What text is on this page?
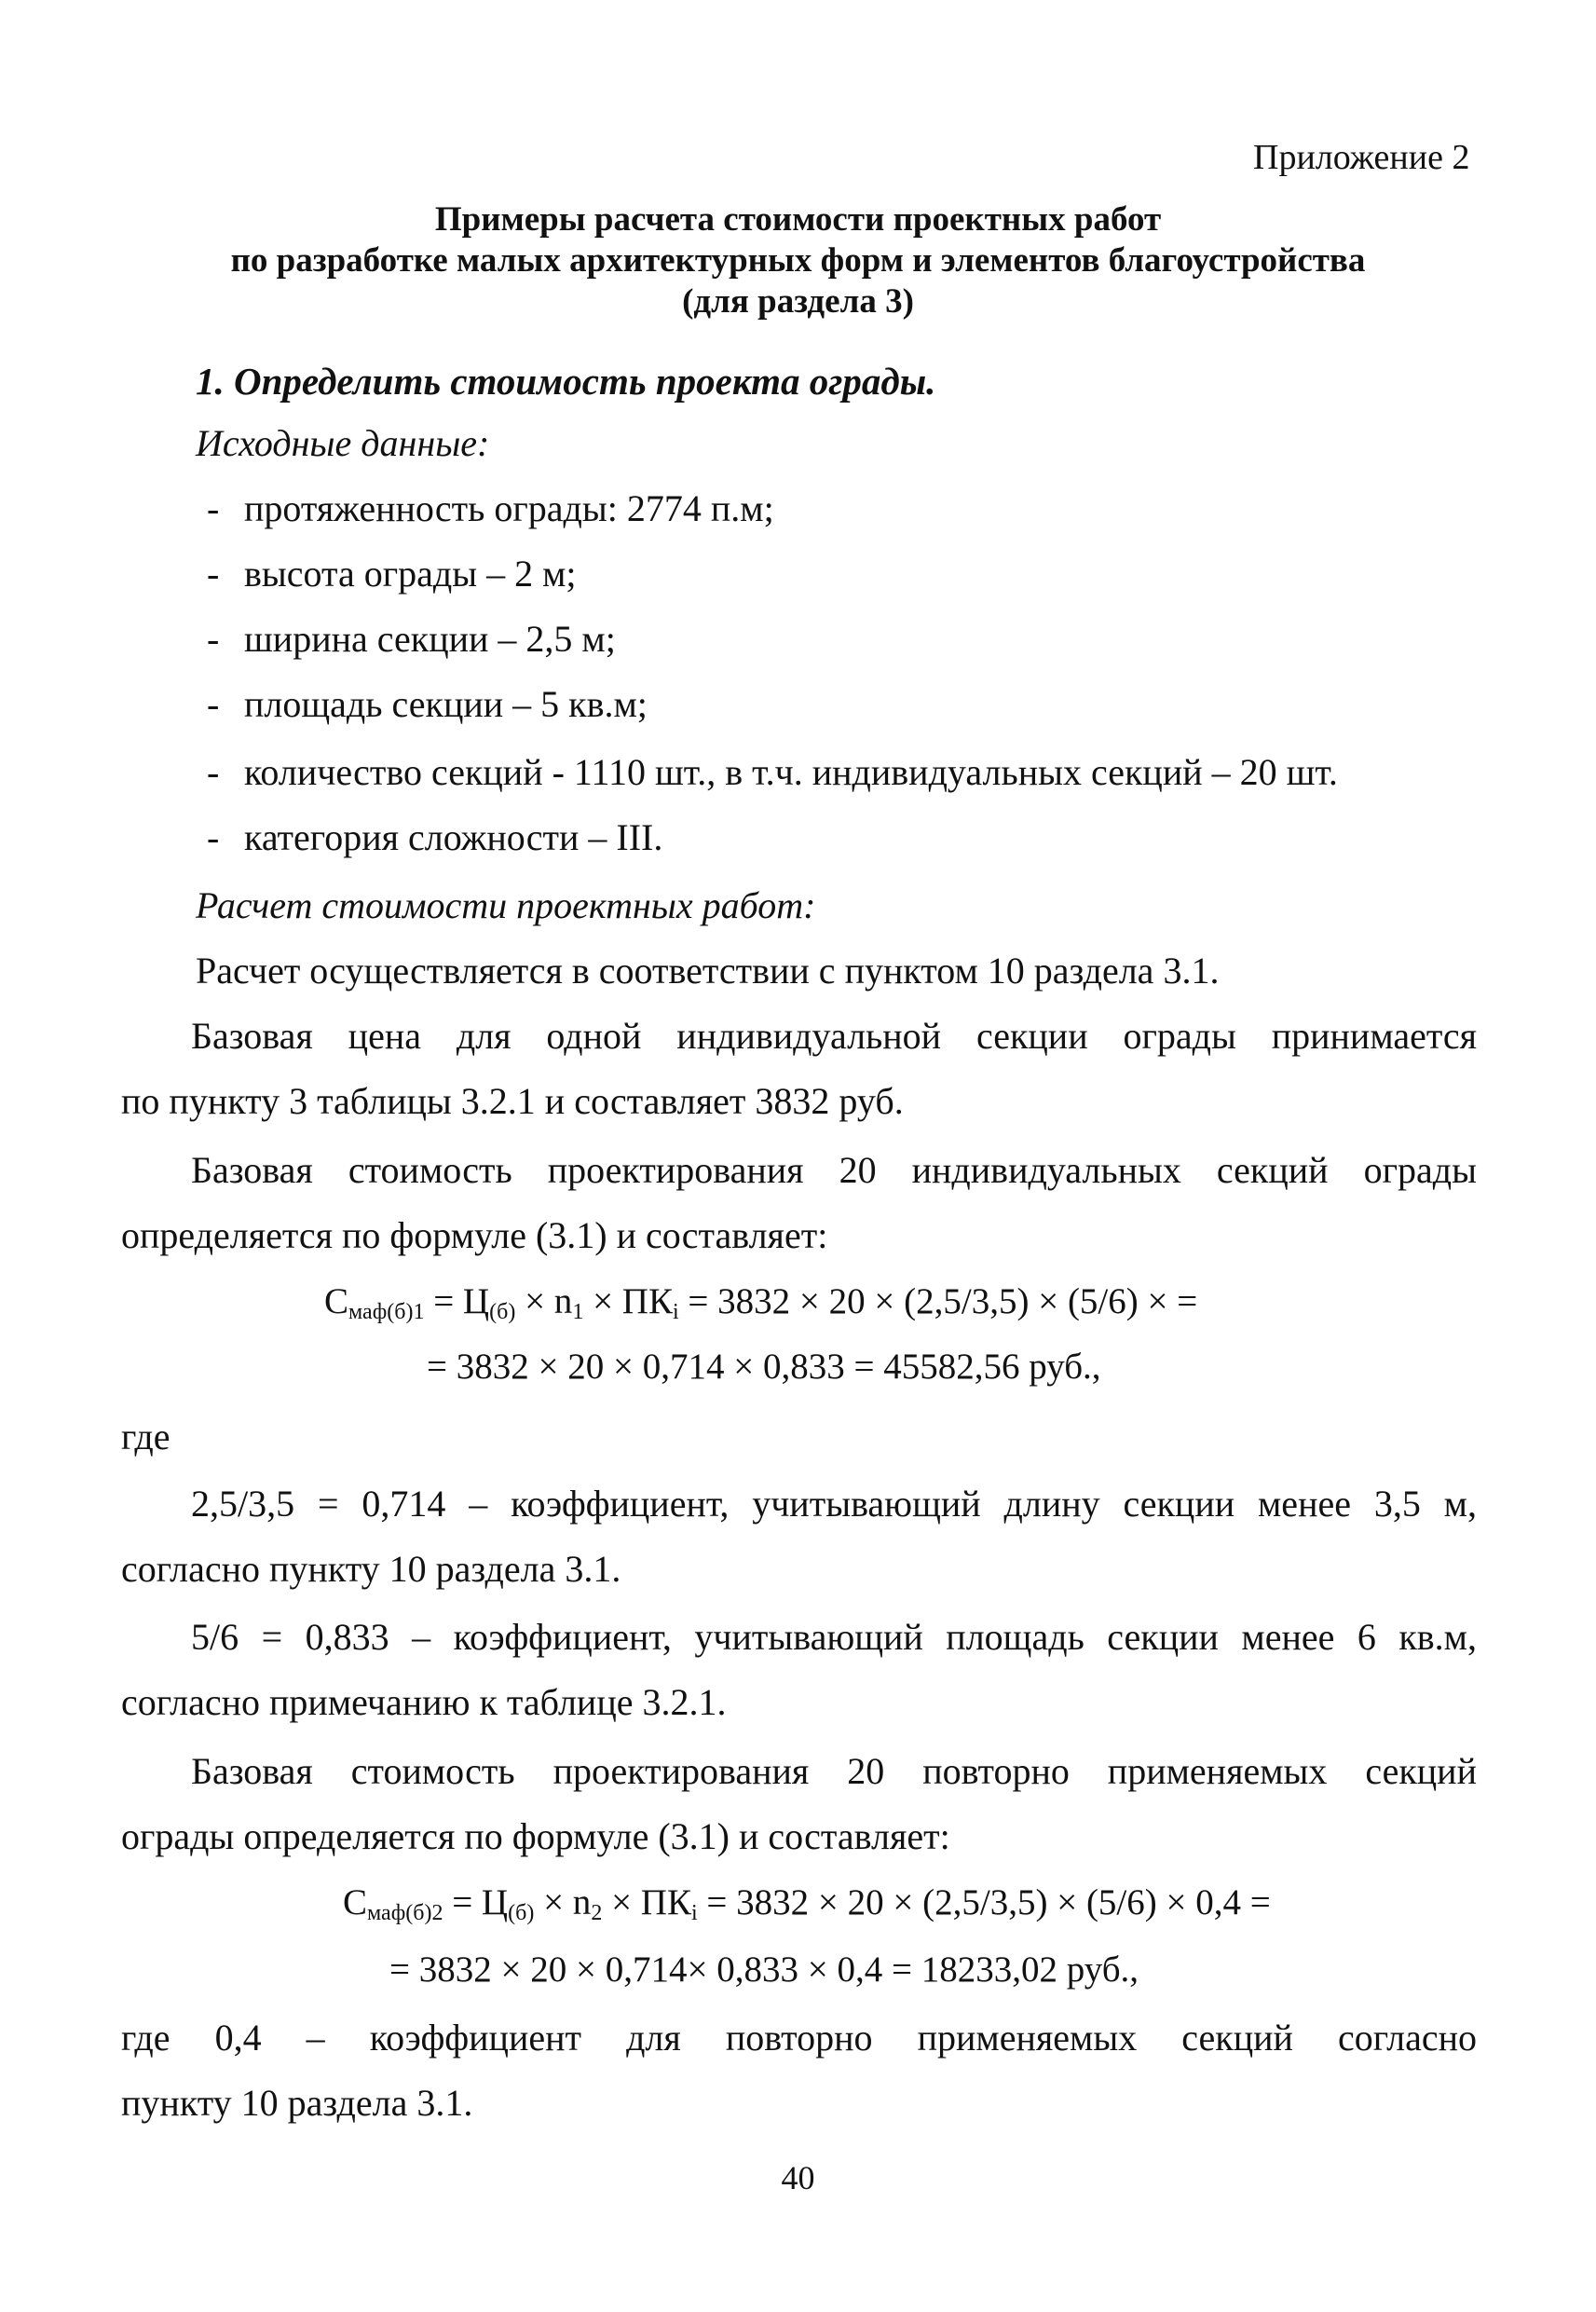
Приложение 2
Примеры расчета стоимости проектных работ
по разработке малых архитектурных форм и элементов благоустройства
(для раздела 3)
1. Определить стоимость проекта ограды.
Исходные данные:
- протяженность ограды: 2774 п.м;
- высота ограды – 2 м;
- ширина секции – 2,5 м;
- площадь секции – 5 кв.м;
- количество секций - 1110 шт., в т.ч. индивидуальных секций – 20 шт.
- категория сложности – III.
Расчет стоимости проектных работ:
Расчет осуществляется в соответствии с пунктом 10 раздела 3.1.
Базовая цена для одной индивидуальной секции ограды принимается
по пункту 3 таблицы 3.2.1 и составляет 3832 руб.
Базовая стоимость проектирования 20 индивидуальных секций ограды
определяется по формуле (3.1) и составляет:
$С_{маф(б)1} = Ц_{(б)} \times n_1 \times ПК_i = 3832 \times 20 \times (2,5/3,5) \times (5/6)$ × =
= 3832 × 20 × 0,714 × 0,833 = 45582,56 руб.,
где
2,5/3,5 = 0,714 – коэффициент, учитывающий длину секции менее 3,5 м,
согласно пункту 10 раздела 3.1.
5/6 = 0,833 – коэффициент, учитывающий площадь секции менее 6 кв.м,
согласно примечанию к таблице 3.2.1.
Базовая стоимость проектирования 20 повторно применяемых секций
ограды определяется по формуле (3.1) и составляет:
$С_{маф(б)2} = Ц_{(б)} \times n_2 \times ПК_i = 3832 \times 20 \times (2,5/3,5) \times (5/6) \times 0,4$ =
= 3832 × 20 × 0,714× 0,833 × 0,4 = 18233,02 руб.,
где 0,4 – коэффициент для повторно применяемых секций согласно
пункту 10 раздела 3.1.
40
